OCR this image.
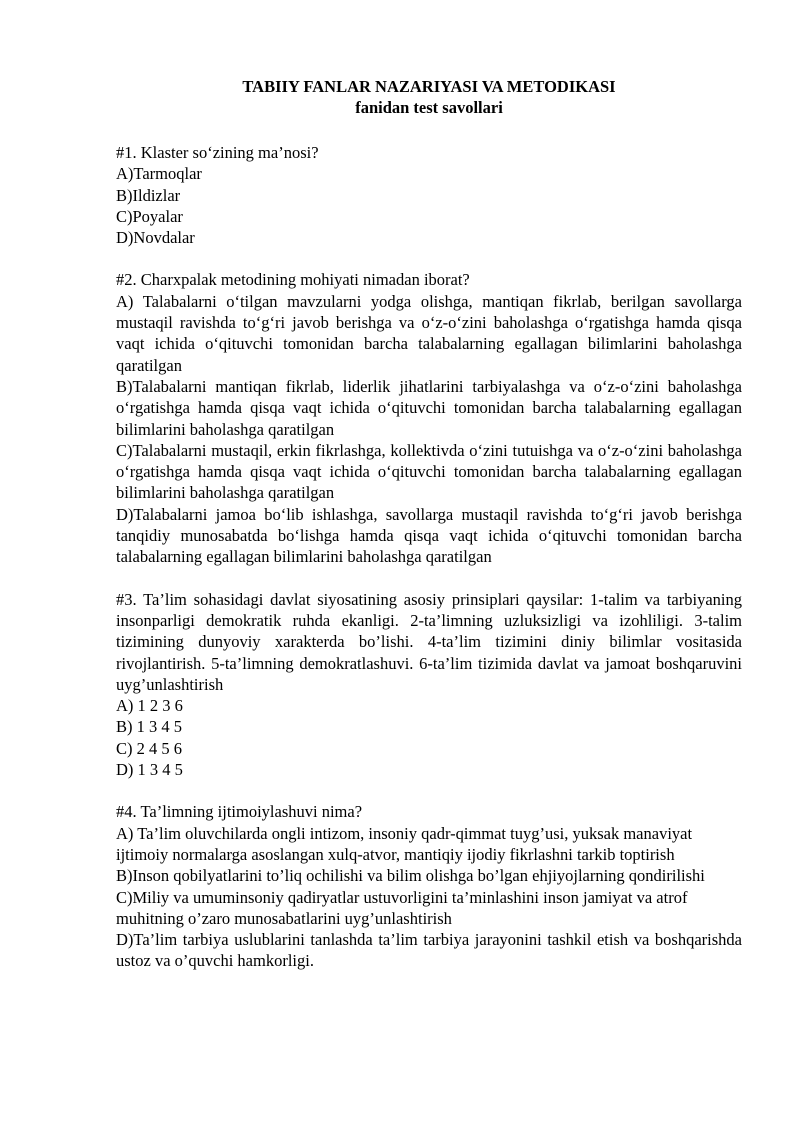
TABIIY FANLAR NAZARIYASI VA METODIKASI
fanidan test savollari
#1. Klaster so‘zining ma’nosi?
A)Tarmoqlar
B)Ildizlar
C)Poyalar
D)Novdalar
#2. Charxpalak metodining mohiyati nimadan iborat?
A) Talabalarni o‘tilgan mavzularni yodga olishga, mantiqan fikrlab, berilgan savollarga mustaqil ravishda to‘g‘ri javob berishga va o‘z-o‘zini baholashga o‘rgatishga hamda qisqa vaqt ichida o‘qituvchi tomonidan barcha talabalarning egallagan bilimlarini baholashga qaratilgan
B)Talabalarni mantiqan fikrlab, liderlik jihatlarini tarbiyalashga va o‘z-o‘zini baholashga o‘rgatishga hamda qisqa vaqt ichida o‘qituvchi tomonidan barcha talabalarning egallagan bilimlarini baholashga qaratilgan
C)Talabalarni mustaqil, erkin fikrlashga, kollektivda o‘zini tutuishga va o‘z-o‘zini baholashga o‘rgatishga hamda qisqa vaqt ichida o‘qituvchi tomonidan barcha talabalarning egallagan bilimlarini baholashga qaratilgan
D)Talabalarni jamoa bo‘lib ishlashga, savollarga mustaqil ravishda to‘g‘ri javob berishga tanqidiy munosabatda bo‘lishga hamda qisqa vaqt ichida o‘qituvchi tomonidan barcha talabalarning egallagan bilimlarini baholashga qaratilgan
#3. Ta’lim sohasidagi davlat siyosatining asosiy prinsiplari qaysilar: 1-talim va tarbiyaning insonparligi demokratik ruhda ekanligi. 2-ta’limning uzluksizligi va izohliligi. 3-talim tizimining dunyoviy xarakterda bo’lishi. 4-ta’lim tizimini diniy bilimlar vositasida rivojlantirish. 5-ta’limning demokratlashuvi. 6-ta’lim tizimida davlat va jamoat boshqaruvini uyg’unlashtirish
A) 1 2 3 6
B) 1 3 4 5
C) 2 4 5 6
D) 1 3 4 5
#4. Ta’limning ijtimoiylashuvi nima?
A) Ta’lim oluvchilarda ongli intizom, insoniy qadr-qimmat tuyg’usi, yuksak manaviyat ijtimoiy normalarga asoslangan xulq-atvor, mantiqiy ijodiy fikrlashni tarkib toptirish
B)Inson qobilyatlarini to’liq ochilishi va bilim olishga bo’lgan ehjiyojlarning qondirilishi
C)Miliy va umuminsoniy qadiryatlar ustuvorligini ta’minlashini inson jamiyat va atrof muhitning o’zaro munosabatlarini uyg’unlashtirish
D)Ta’lim tarbiya uslublarini tanlashda ta’lim tarbiya jarayonini tashkil etish va boshqarishda ustoz va o’quvchi hamkorligi.
